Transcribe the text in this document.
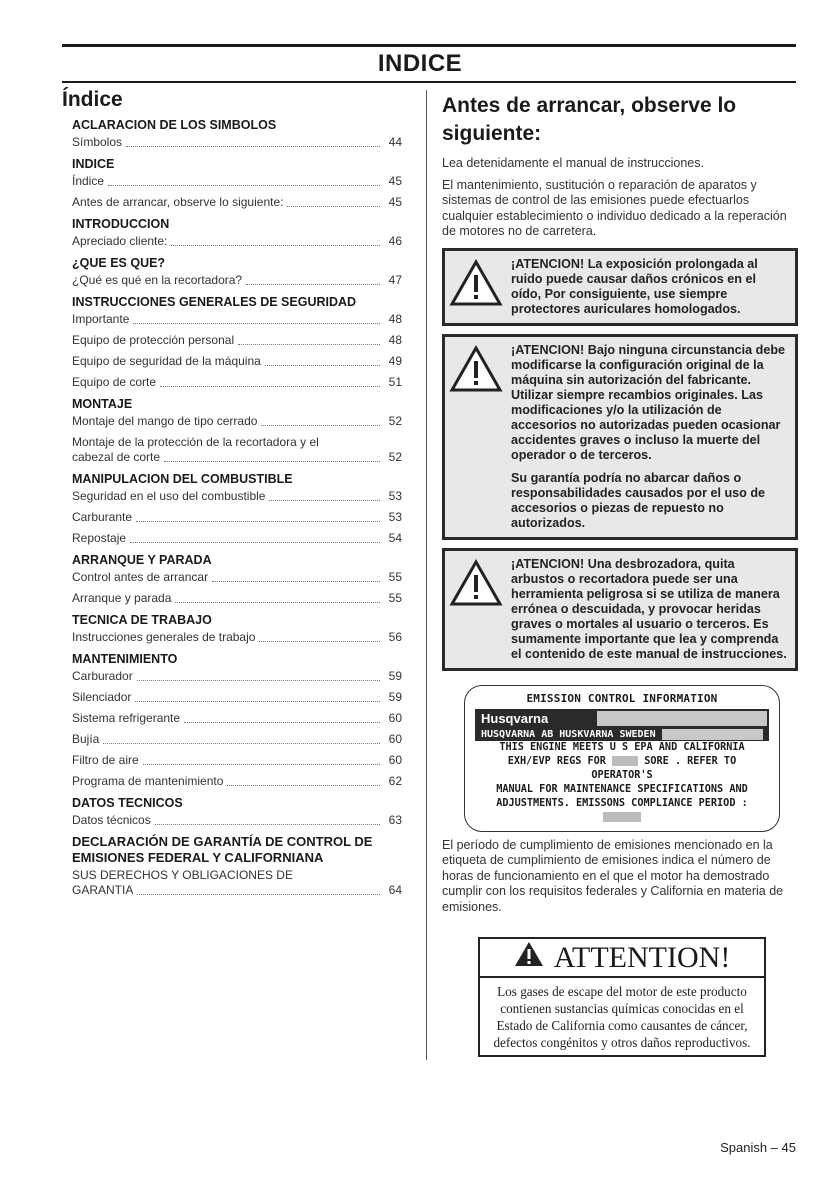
INDICE
Índice
ACLARACION DE LOS SIMBOLOS
Símbolos	44
INDICE
Índice	45
Antes de arrancar, observe lo siguiente:	45
INTRODUCCION
Apreciado cliente:	46
¿QUE ES QUE?
¿Qué es qué en la recortadora?	47
INSTRUCCIONES GENERALES DE SEGURIDAD
Importante	48
Equipo de protección personal	48
Equipo de seguridad de la máquina	49
Equipo de corte	51
MONTAJE
Montaje del mango de tipo cerrado	52
Montaje de la protección de la recortadora y el
cabezal de corte	52
MANIPULACION DEL COMBUSTIBLE
Seguridad en el uso del combustible	53
Carburante	53
Repostaje	54
ARRANQUE Y PARADA
Control antes de arrancar	55
Arranque y parada	55
TECNICA DE TRABAJO
Instrucciones generales de trabajo	56
MANTENIMIENTO
Carburador	59
Silenciador	59
Sistema refrigerante	60
Bujía	60
Filtro de aire	60
Programa de mantenimiento	62
DATOS TECNICOS
Datos técnicos	63
DECLARACIÓN DE GARANTÍA DE CONTROL DE EMISIONES FEDERAL Y CALIFORNIANA
SUS DERECHOS Y OBLIGACIONES DE
GARANTIA	64
Antes de arrancar, observe lo siguiente:

Lea detenidamente el manual de instrucciones.

El mantenimiento, sustitución o reparación de aparatos y sistemas de control de las emisiones puede efectuarlos cualquier establecimiento o individuo dedicado a la reperación de motores no de carretera.

¡ATENCION! La exposición prolongada al ruido puede causar daños crónicos en el oído, Por consiguiente, use siempre protectores auriculares homologados.

¡ATENCION! Bajo ninguna circunstancia debe modificarse la configuración original de la máquina sin autorización del fabricante. Utilizar siempre recambios originales. Las modificaciones y/o la utilización de accesorios no autorizadas pueden ocasionar accidentes graves o incluso la muerte del operador o de terceros.

Su garantía podría no abarcar daños o responsabilidades causados por el uso de accesorios o piezas de repuesto no autorizados.

¡ATENCION! Una desbrozadora, quita arbustos o recortadora puede ser una herramienta peligrosa si se utiliza de manera errónea o descuidada, y provocar heridas graves o mortales al usuario o terceros. Es sumamente importante que lea y comprenda el contenido de este manual de instrucciones.

EMISSION CONTROL INFORMATION
Husqvarna
HUSQVARNA AB HUSKVARNA SWEDEN
THIS ENGINE MEETS U S EPA AND CALIFORNIA
EXH/EVP REGS FOR	SORE . REFER TO OPERATOR'S
MANUAL FOR MAINTENANCE SPECIFICATIONS AND
ADJUSTMENTS. EMISSONS COMPLIANCE PERIOD :

El período de cumplimiento de emisiones mencionado en la etiqueta de cumplimiento de emisiones indica el número de horas de funcionamiento en el que el motor ha demostrado cumplir con los requisitos federales y California en materia de emisiones.

ATTENTION!
Los gases de escape del motor de este producto contienen sustancias químicas conocidas en el Estado de California como causantes de cáncer, defectos congénitos y otros daños reproductivos.
Spanish – 45
